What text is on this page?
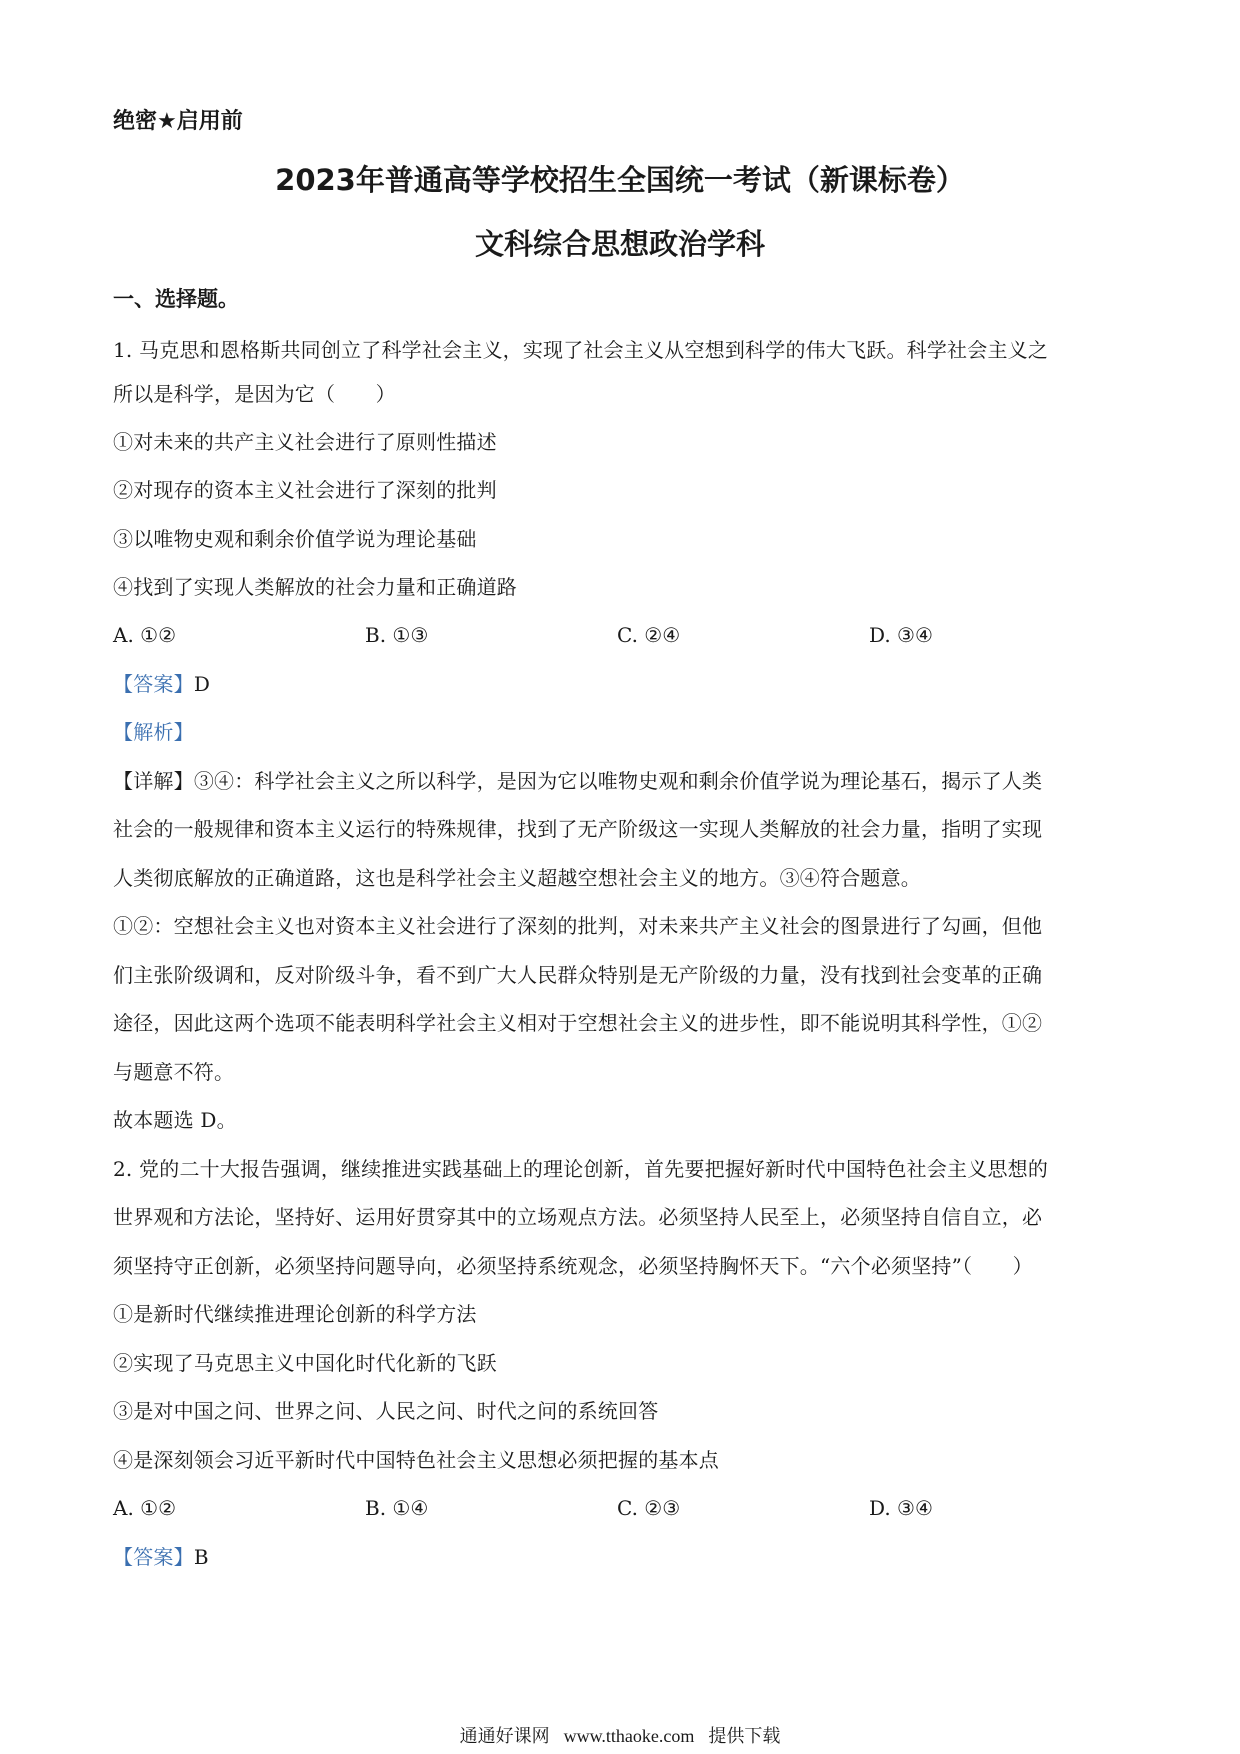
绝密★启用前
2023年普通高等学校招生全国统一考试（新课标卷）
文科综合思想政治学科
一、选择题。
1. 马克思和恩格斯共同创立了科学社会主义，实现了社会主义从空想到科学的伟大飞跃。科学社会主义之
所以是科学，是因为它（　　）
①对未来的共产主义社会进行了原则性描述
②对现存的资本主义社会进行了深刻的批判
③以唯物史观和剩余价值学说为理论基础
④找到了实现人类解放的社会力量和正确道路
A. ①②	B. ①③	C. ②④	D. ③④
【答案】D
【解析】
【详解】③④：科学社会主义之所以科学，是因为它以唯物史观和剩余价值学说为理论基石，揭示了人类
社会的一般规律和资本主义运行的特殊规律，找到了无产阶级这一实现人类解放的社会力量，指明了实现
人类彻底解放的正确道路，这也是科学社会主义超越空想社会主义的地方。③④符合题意。
①②：空想社会主义也对资本主义社会进行了深刻的批判，对未来共产主义社会的图景进行了勾画，但他
们主张阶级调和，反对阶级斗争，看不到广大人民群众特别是无产阶级的力量，没有找到社会变革的正确
途径，因此这两个选项不能表明科学社会主义相对于空想社会主义的进步性，即不能说明其科学性，①②
与题意不符。
故本题选 D。
2. 党的二十大报告强调，继续推进实践基础上的理论创新，首先要把握好新时代中国特色社会主义思想的
世界观和方法论，坚持好、运用好贯穿其中的立场观点方法。必须坚持人民至上，必须坚持自信自立，必
须坚持守正创新，必须坚持问题导向，必须坚持系统观念，必须坚持胸怀天下。“六个必须坚持”（　　）
①是新时代继续推进理论创新的科学方法
②实现了马克思主义中国化时代化新的飞跃
③是对中国之问、世界之问、人民之问、时代之问的系统回答
④是深刻领会习近平新时代中国特色社会主义思想必须把握的基本点
A. ①②	B. ①④	C. ②③	D. ③④
【答案】B
通通好课网 www.tthaoke.com 提供下载
